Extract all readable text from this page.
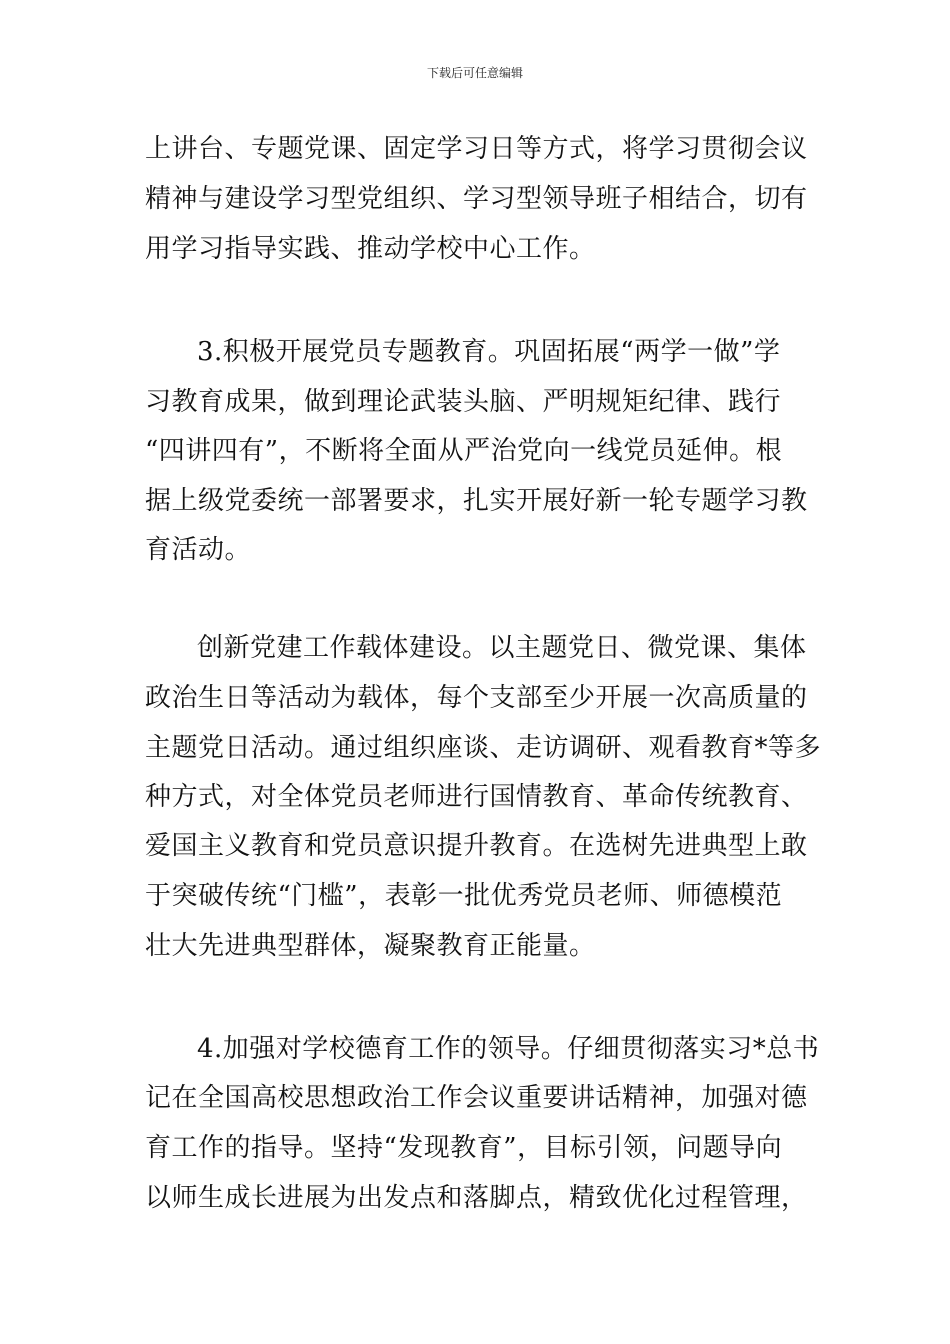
下载后可任意编辑
上讲台、专题党课、固定学习日等方式，将学习贯彻会议
精神与建设学习型党组织、学习型领导班子相结合，切有
用学习指导实践、推动学校中心工作。
3.积极开展党员专题教育。巩固拓展“两学一做”学
习教育成果，做到理论武装头脑、严明规矩纪律、践行
“四讲四有”，不断将全面从严治党向一线党员延伸。根
据上级党委统一部署要求，扎实开展好新一轮专题学习教
育活动。
创新党建工作载体建设。以主题党日、微党课、集体
政治生日等活动为载体，每个支部至少开展一次高质量的
主题党日活动。通过组织座谈、走访调研、观看教育*等多
种方式，对全体党员老师进行国情教育、革命传统教育、
爱国主义教育和党员意识提升教育。在选树先进典型上敢
于突破传统“门槛”，表彰一批优秀党员老师、师德模范
壮大先进典型群体，凝聚教育正能量。
4.加强对学校德育工作的领导。仔细贯彻落实习*总书
记在全国高校思想政治工作会议重要讲话精神，加强对德
育工作的指导。坚持“发现教育”，目标引领，问题导向
以师生成长进展为出发点和落脚点，精致优化过程管理，
